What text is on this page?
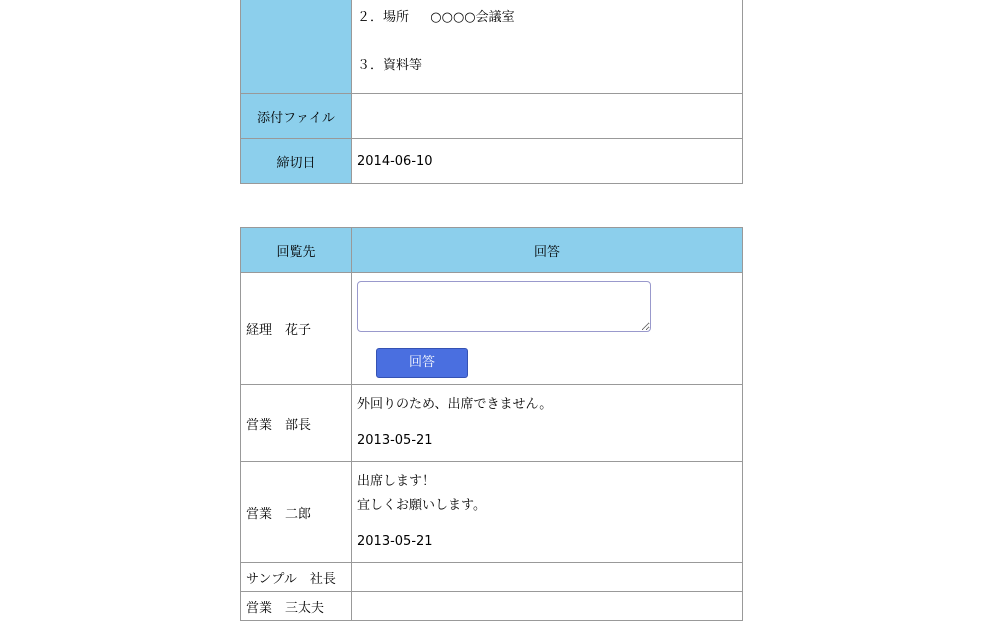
	２．場所 　 ○○○○会議室
３．資料等

添付ファイル	
締切日	2014-06-10
回覧先	回答
経理　花子	回答

営業　部長	外回りのため、出席できません。
2013-05-21

営業　二郎	出席します！
宜しくお願いします。
2013-05-21

サンプル　社長	
営業　三太夫	
